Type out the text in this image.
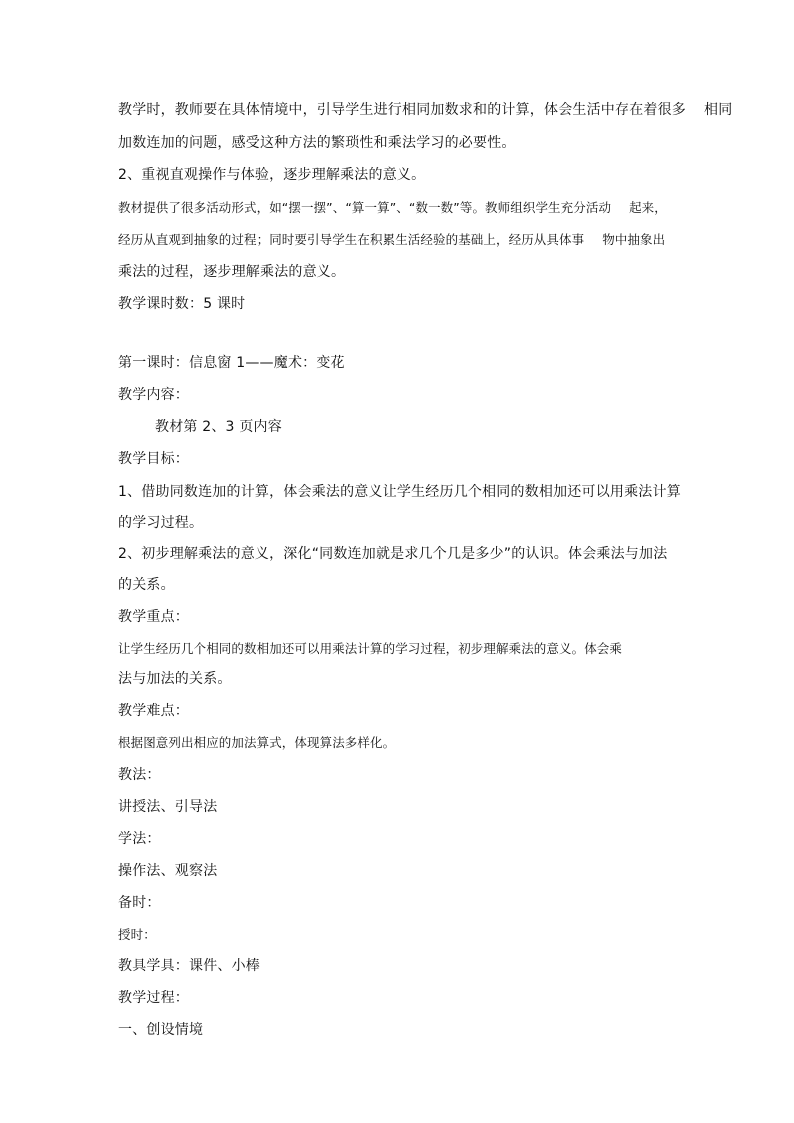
教学时，教师要在具体情境中，引导学生进行相同加数求和的计算，体会生活中存在着很多 相同
加数连加的问题，感受这种方法的繁琐性和乘法学习的必要性。
2、重视直观操作与体验，逐步理解乘法的意义。
教材提供了很多活动形式，如“摆一摆”、“算一算”、“数一数”等。教师组织学生充分活动 起来，
经历从直观到抽象的过程；同时要引导学生在积累生活经验的基础上，经历从具体事 物中抽象出
乘法的过程，逐步理解乘法的意义。
教学课时数：5 课时
第一课时：信息窗 1——魔术：变花
教学内容：
教材第 2、3 页内容
教学目标：
1、借助同数连加的计算，体会乘法的意义让学生经历几个相同的数相加还可以用乘法计算
的学习过程。
2、初步理解乘法的意义，深化“同数连加就是求几个几是多少”的认识。体会乘法与加法
的关系。
教学重点：
让学生经历几个相同的数相加还可以用乘法计算的学习过程，初步理解乘法的意义。体会乘
法与加法的关系。
教学难点：
根据图意列出相应的加法算式，体现算法多样化。
教法：
讲授法、引导法
学法：
操作法、观察法
备时：
授时：
教具学具：课件、小棒
教学过程：
一、创设情境
